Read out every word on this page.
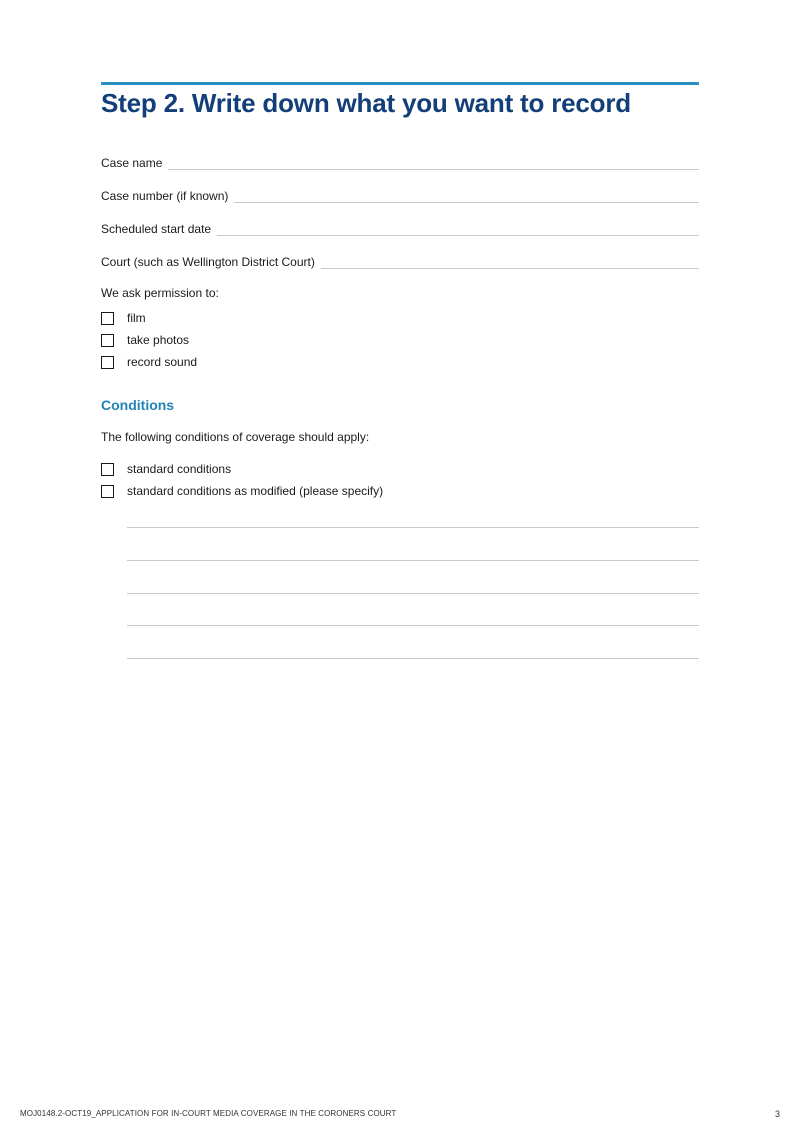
Step 2. Write down what you want to record
Case name
Case number (if known)
Scheduled start date
Court (such as Wellington District Court)

We ask permission to:

film
take photos
record sound
Conditions

The following conditions of coverage should apply:

standard conditions
standard conditions as modified (please specify)
MOJ0148.2-OCT19_APPLICATION FOR IN-COURT MEDIA COVERAGE IN THE CORONERS COURT	3
